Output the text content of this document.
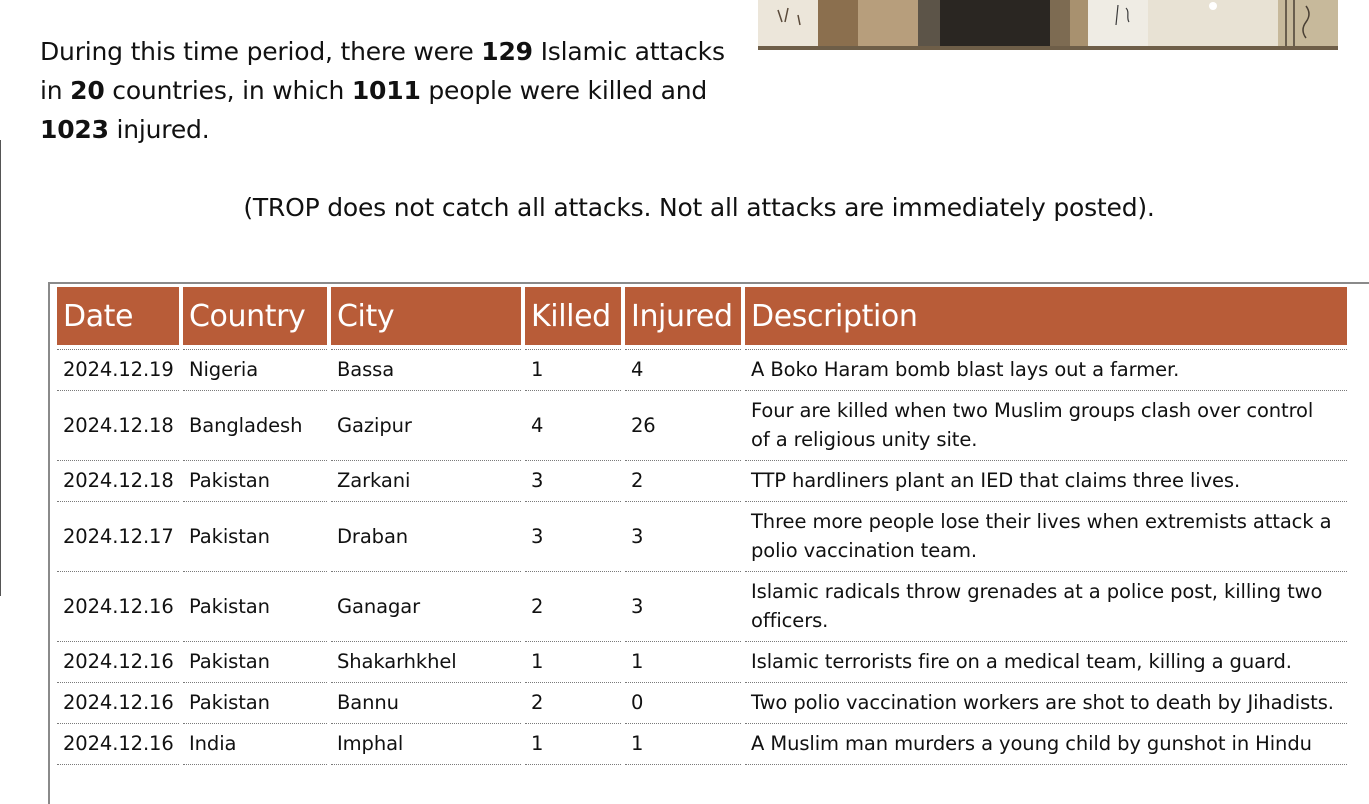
During this time period, there were 129 Islamic attacks in 20 countries, in which 1011 people were killed and 1023 injured.
(TROP does not catch all attacks. Not all attacks are immediately posted).
Date	Country	City	Killed	Injured	Description

2024.12.19	Nigeria	Bassa	1	4	A Boko Haram bomb blast lays out a farmer.
2024.12.18	Bangladesh	Gazipur	4	26	Four are killed when two Muslim groups clash over control of a religious unity site.
2024.12.18	Pakistan	Zarkani	3	2	TTP hardliners plant an IED that claims three lives.
2024.12.17	Pakistan	Draban	3	3	Three more people lose their lives when extremists attack a polio vaccination team.
2024.12.16	Pakistan	Ganagar	2	3	Islamic radicals throw grenades at a police post, killing two officers.
2024.12.16	Pakistan	Shakarhkhel	1	1	Islamic terrorists fire on a medical team, killing a guard.
2024.12.16	Pakistan	Bannu	2	0	Two polio vaccination workers are shot to death by Jihadists.
2024.12.16	India	Imphal	1	1	A Muslim man murders a young child by gunshot in Hindu
